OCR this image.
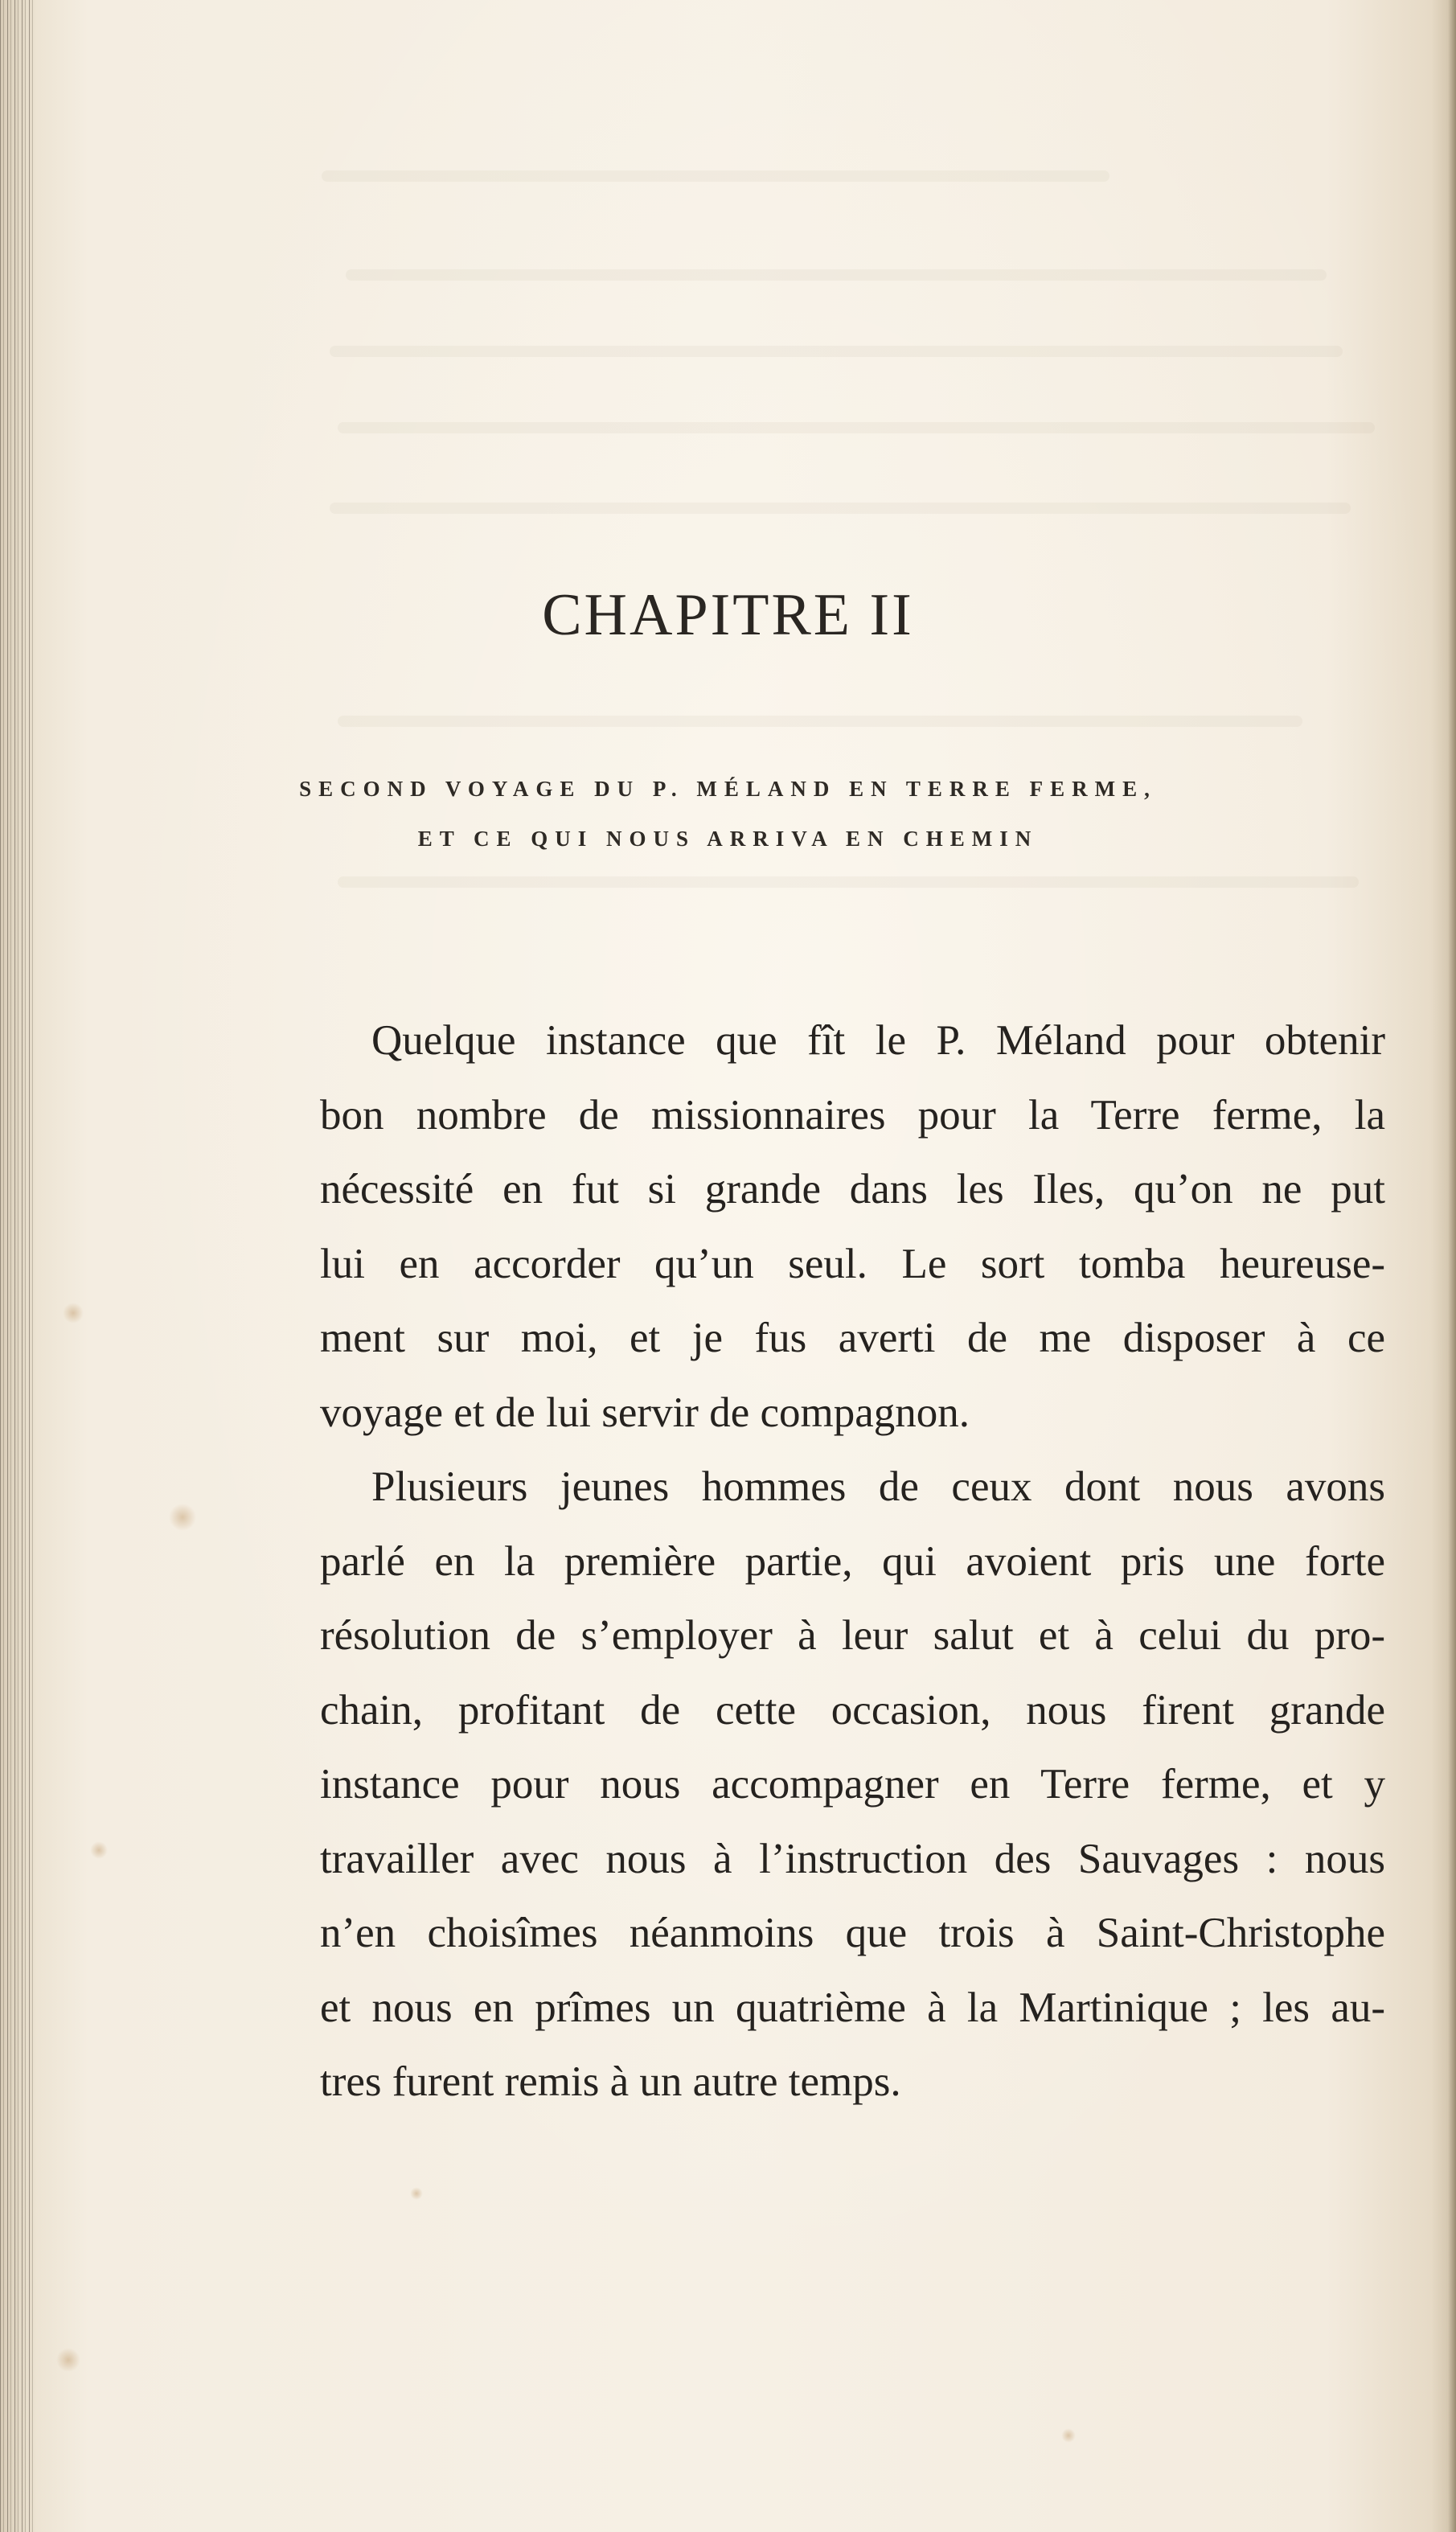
CHAPITRE II
SECOND VOYAGE DU P. MÉLAND EN TERRE FERME,
ET CE QUI NOUS ARRIVA EN CHEMIN
Quelque instance que fît le P. Méland pour obtenir
bon nombre de missionnaires pour la Terre ferme, la
nécessité en fut si grande dans les Iles, qu’on ne put
lui en accorder qu’un seul. Le sort tomba heureuse-
ment sur moi, et je fus averti de me disposer à ce
voyage et de lui servir de compagnon.
Plusieurs jeunes hommes de ceux dont nous avons
parlé en la première partie, qui avoient pris une forte
résolution de s’employer à leur salut et à celui du pro-
chain, profitant de cette occasion, nous firent grande
instance pour nous accompagner en Terre ferme, et y
travailler avec nous à l’instruction des Sauvages : nous
n’en choisîmes néanmoins que trois à Saint-Christophe
et nous en prîmes un quatrième à la Martinique ; les au-
tres furent remis à un autre temps.
